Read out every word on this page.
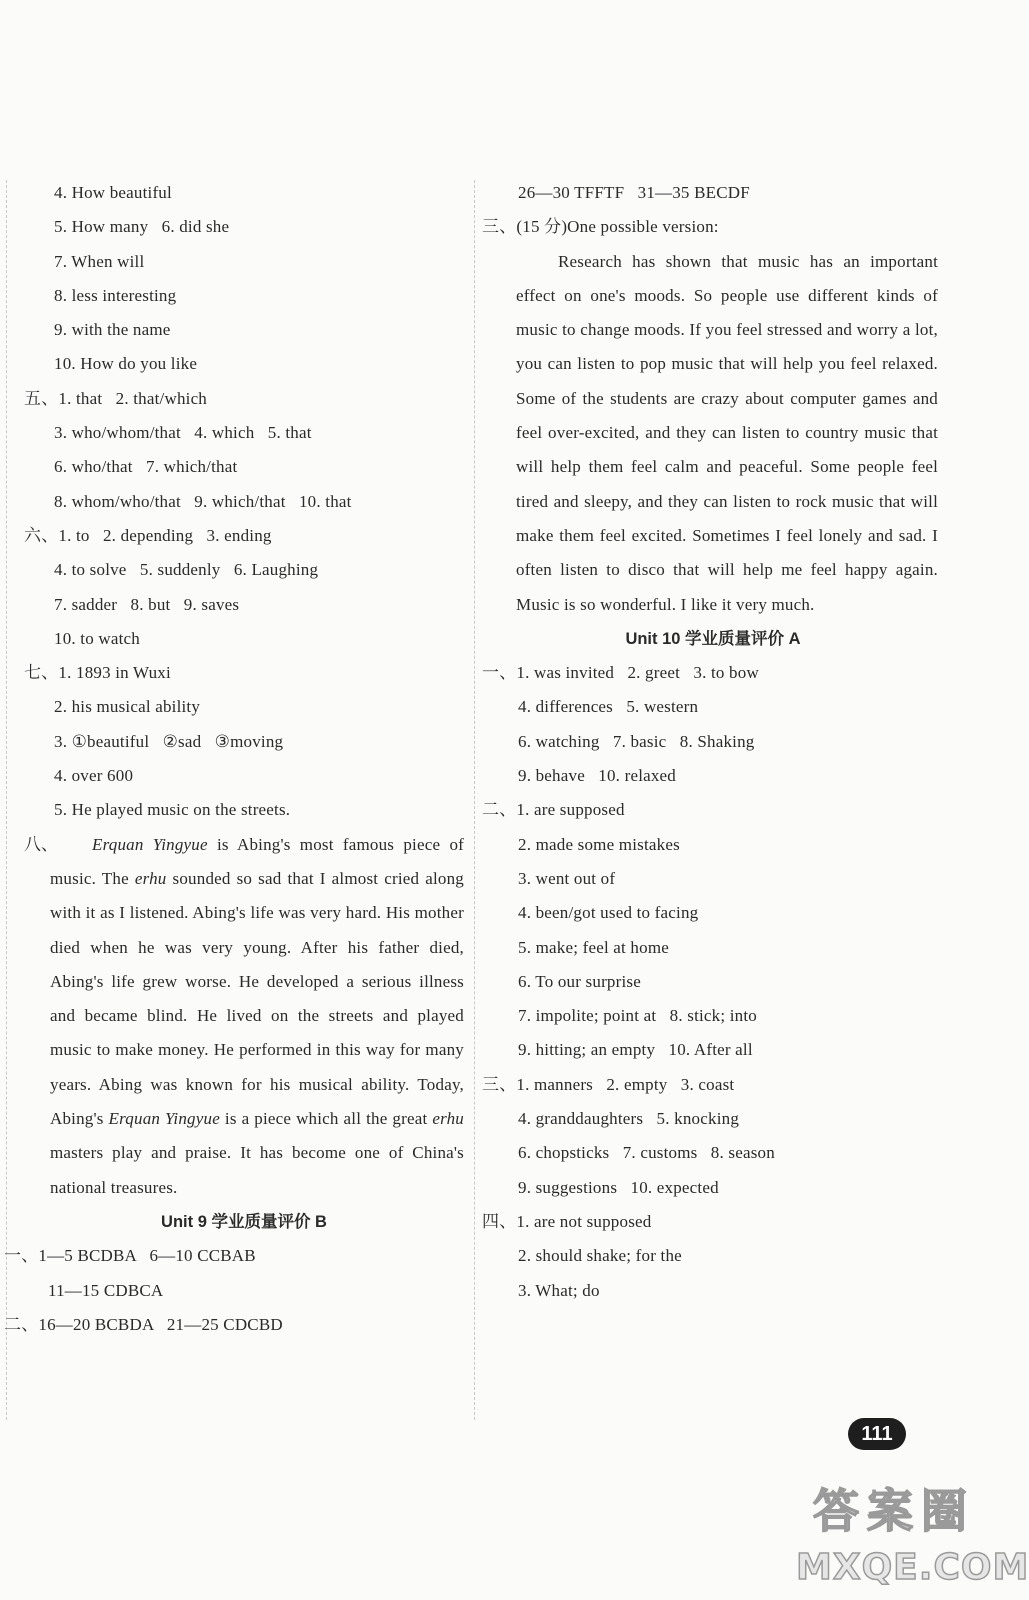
4. How beautiful
5. How many   6. did she
7. When will
8. less interesting
9. with the name
10. How do you like
五、1. that   2. that/which
3. who/whom/that   4. which   5. that
6. who/that   7. which/that
8. whom/who/that   9. which/that   10. that
六、1. to   2. depending   3. ending
4. to solve   5. suddenly   6. Laughing
7. sadder   8. but   9. saves
10. to watch
七、1. 1893 in Wuxi
2. his musical ability
3. ①beautiful   ②sad   ③moving
4. over 600
5. He played music on the streets.
八、	Erquan Yingyue is Abing's most famous piece of music. The erhu sounded so sad that I almost cried along with it as I listened. Abing's life was very hard. His mother died when he was very young. After his father died, Abing's life grew worse. He developed a serious illness and became blind. He lived on the streets and played music to make money. He performed in this way for many years. Abing was known for his musical ability. Today, Abing's Erquan Yingyue is a piece which all the great erhu masters play and praise. It has become one of China's national treasures.
Unit 9 学业质量评价 B
一、1—5 BCDBA   6—10 CCBAB
11—15 CDBCA
二、16—20 BCBDA   21—25 CDCBD
26—30 TFFTF   31—35 BECDF
三、(15 分)One possible version:
Research has shown that music has an important effect on one's moods. So people use different kinds of music to change moods. If you feel stressed and worry a lot, you can listen to pop music that will help you feel relaxed. Some of the students are crazy about computer games and feel over-excited, and they can listen to country music that will help them feel calm and peaceful. Some people feel tired and sleepy, and they can listen to rock music that will make them feel excited. Sometimes I feel lonely and sad. I often listen to disco that will help me feel happy again. Music is so wonderful. I like it very much.
Unit 10 学业质量评价 A
一、1. was invited   2. greet   3. to bow
4. differences   5. western
6. watching   7. basic   8. Shaking
9. behave   10. relaxed
二、1. are supposed
2. made some mistakes
3. went out of
4. been/got used to facing
5. make; feel at home
6. To our surprise
7. impolite; point at   8. stick; into
9. hitting; an empty   10. After all
三、1. manners   2. empty   3. coast
4. granddaughters   5. knocking
6. chopsticks   7. customs   8. season
9. suggestions   10. expected
四、1. are not supposed
2. should shake; for the
3. What; do
111
答案圈
MXQE.COM
